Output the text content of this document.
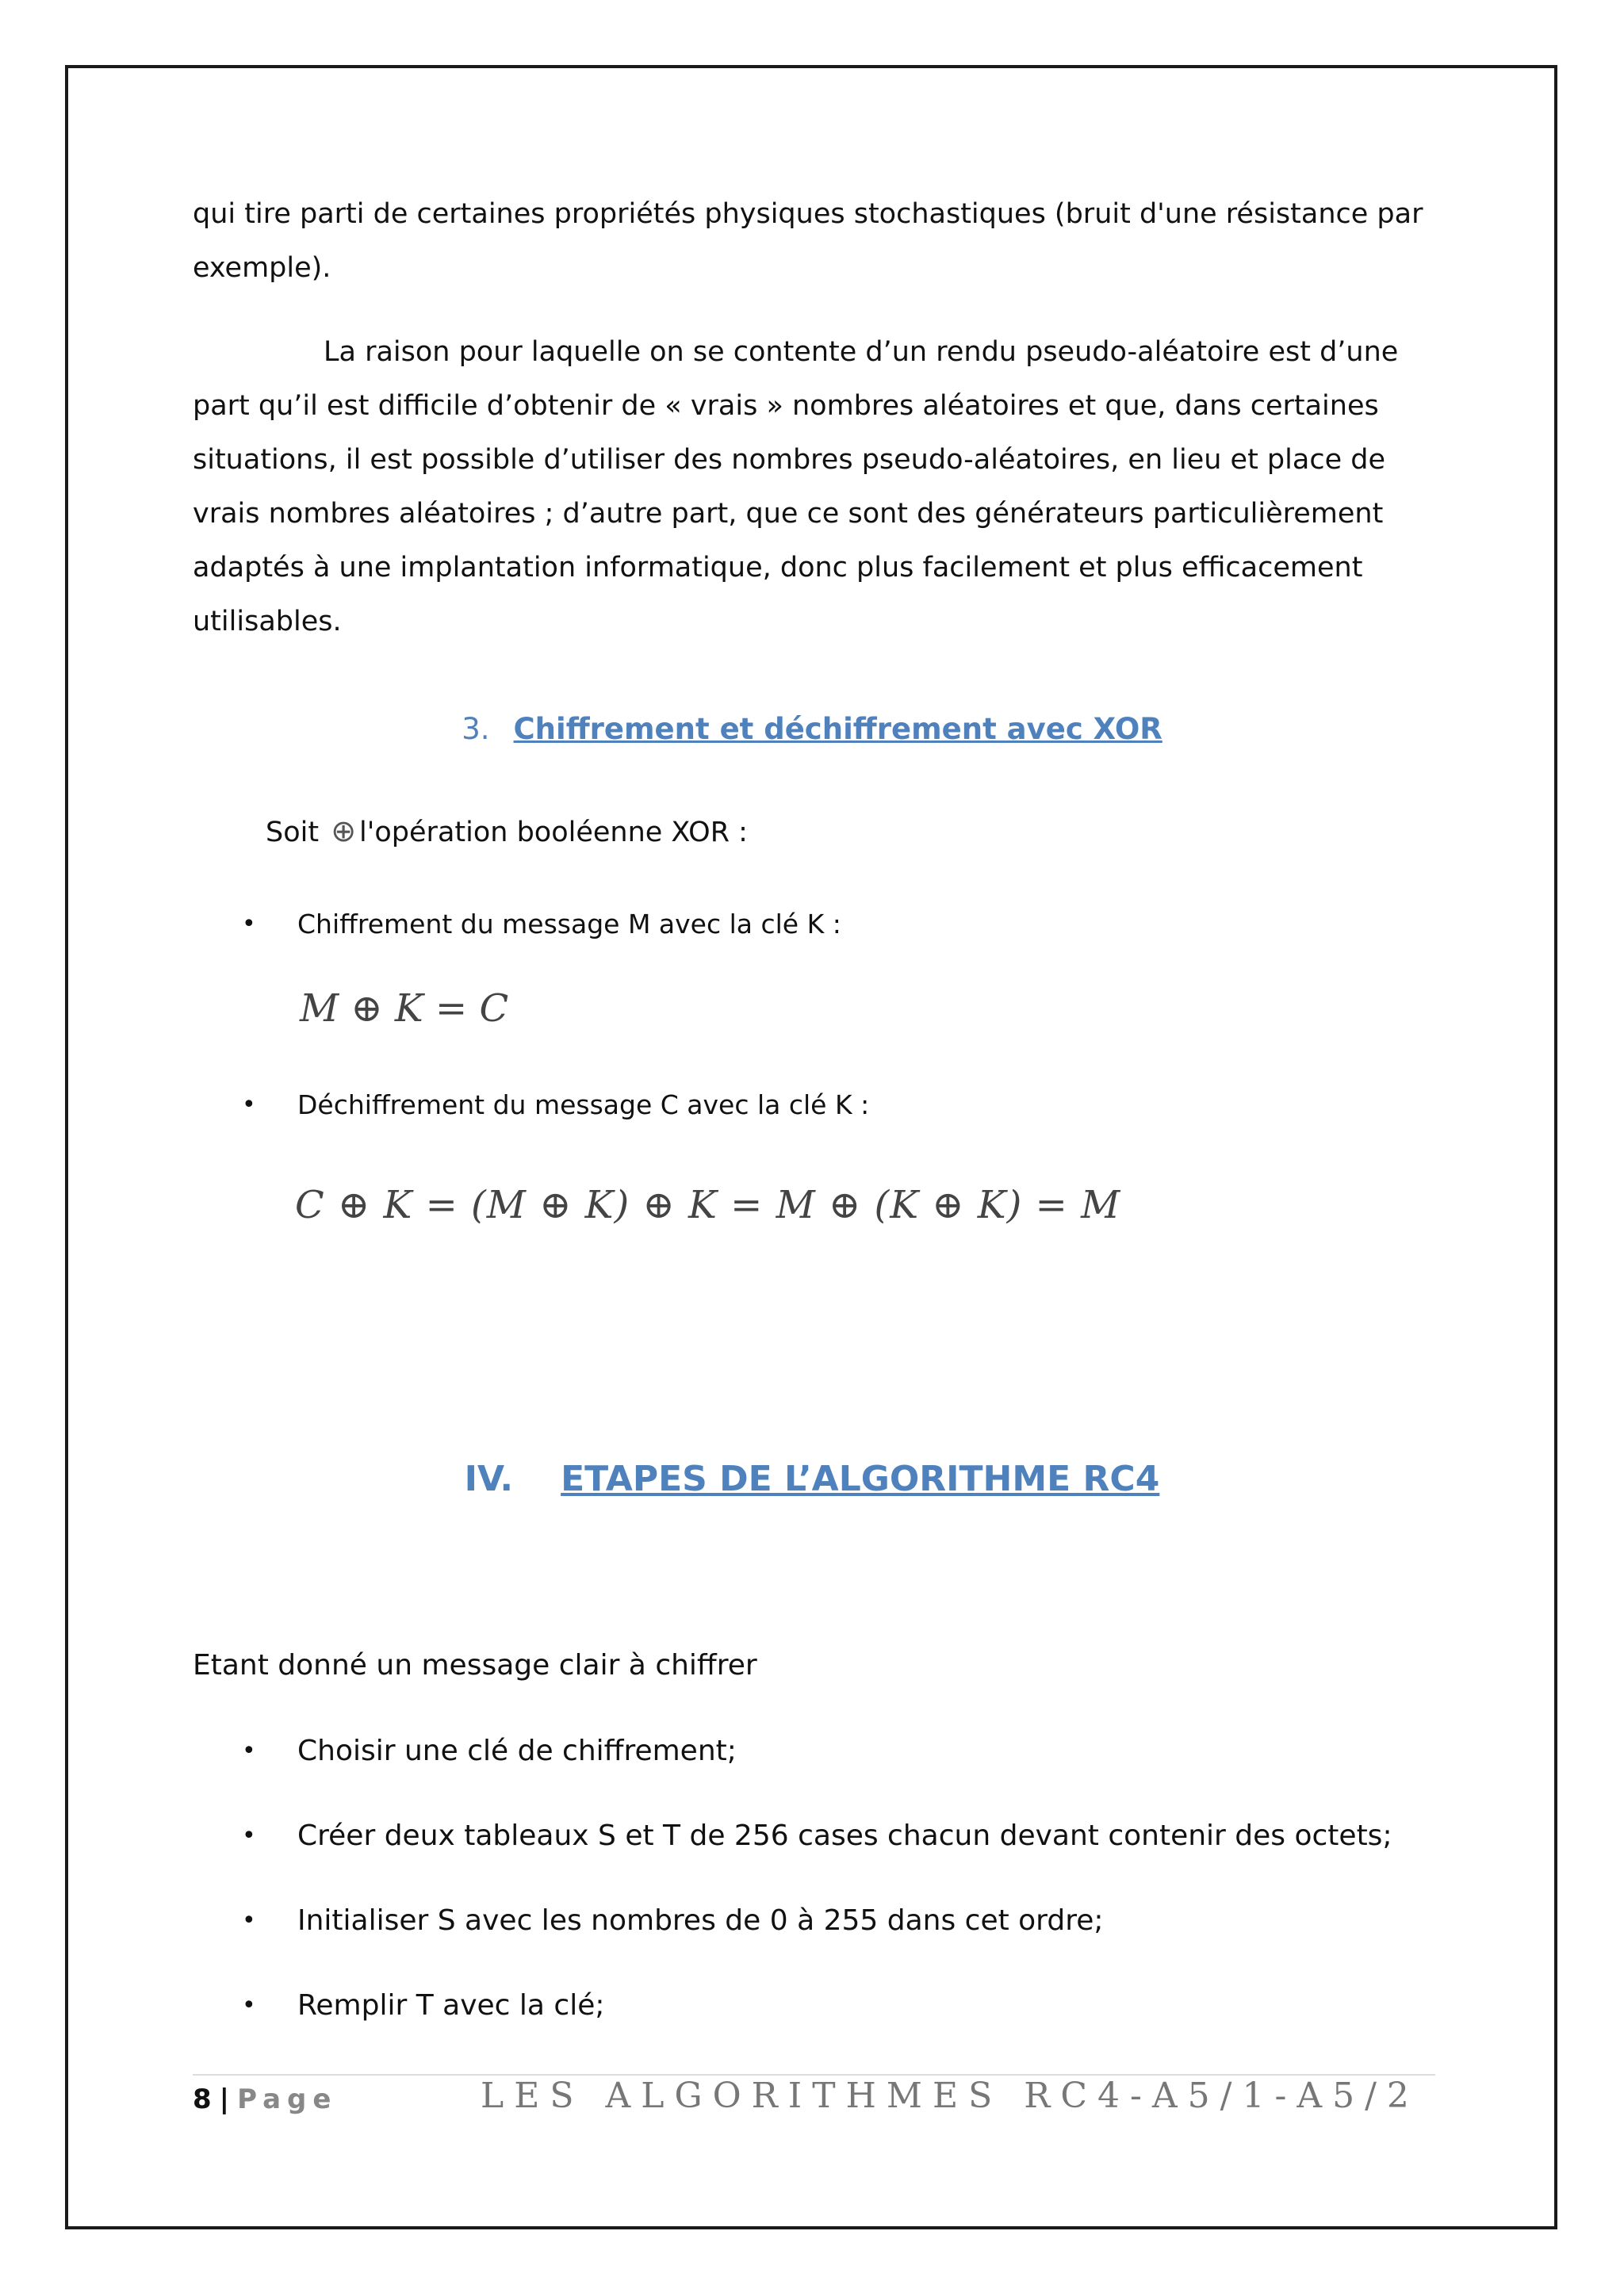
qui tire parti de certaines propriétés physiques stochastiques (bruit d'une résistance par exemple).

La raison pour laquelle on se contente d’un rendu pseudo-aléatoire est d’une part qu’il est difficile d’obtenir de « vrais » nombres aléatoires et que, dans certaines situations, il est possible d’utiliser des nombres pseudo-aléatoires, en lieu et place de vrais nombres aléatoires ; d’autre part, que ce sont des générateurs particulièrement adaptés à une implantation informatique, donc plus facilement et plus efficacement utilisables.

3. Chiffrement et déchiffrement avec XOR
Soit ⊕ l'opération booléenne XOR :
•	Chiffrement du message M avec la clé K :
M ⊕ K = C
•	Déchiffrement du message C avec la clé K :
C ⊕ K = (M ⊕ K) ⊕ K = M ⊕ (K ⊕ K) = M
IV. ETAPES DE L’ALGORITHME RC4
Etant donné un message clair à chiffrer
•	Choisir une clé de chiffrement;
•	Créer deux tableaux S et T de 256 cases chacun devant contenir des octets;
•	Initialiser S avec les nombres de 0 à 255 dans cet ordre;
•	Remplir T avec la clé;
8 | Page	LES ALGORITHMES RC4-A5/1-A5/2
